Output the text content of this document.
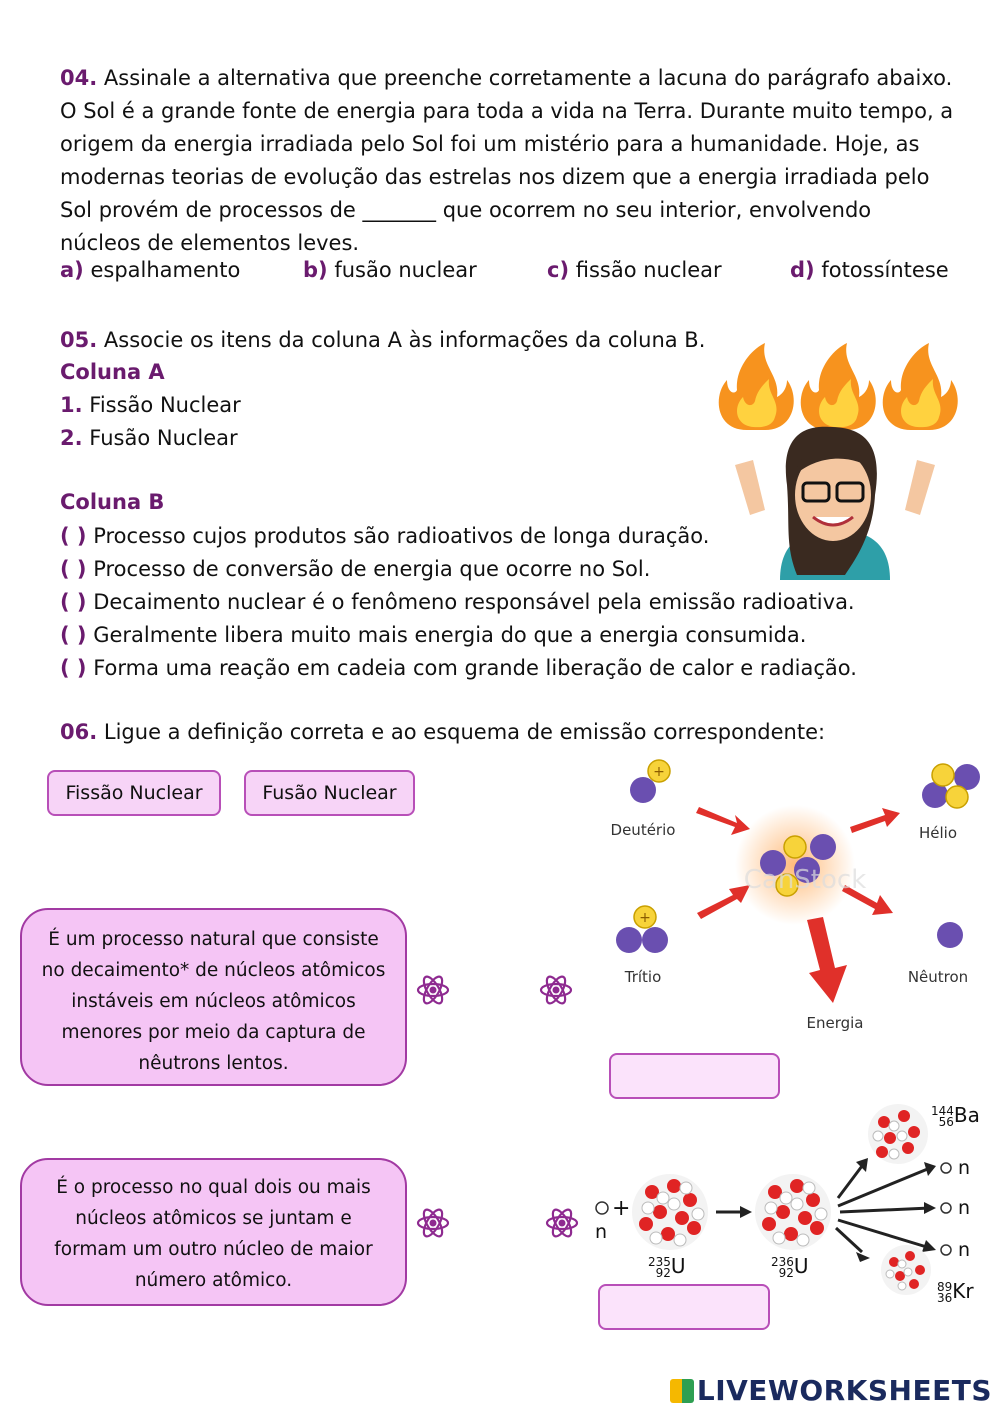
04. Assinale a alternativa que preenche corretamente a lacuna do parágrafo abaixo.
O Sol é a grande fonte de energia para toda a vida na Terra. Durante muito tempo, a
origem da energia irradiada pelo Sol foi um mistério para a humanidade. Hoje, as
modernas teorias de evolução das estrelas nos dizem que a energia irradiada pelo
Sol provém de processos de _______ que ocorrem no seu interior, envolvendo
núcleos de elementos leves.
a) espalhamento	b) fusão nuclear	c) fissão nuclear	d) fotossíntese
05. Associe os itens da coluna A às informações da coluna B.
Coluna A
1. Fissão Nuclear
2. Fusão Nuclear
Coluna B
( ) Processo cujos produtos são radioativos de longa duração.
( ) Processo de conversão de energia que ocorre no Sol.
( ) Decaimento nuclear é o fenômeno responsável pela emissão radioativa.
( ) Geralmente libera muito mais energia do que a energia consumida.
( ) Forma uma reação em cadeia com grande liberação de calor e radiação.
06. Ligue a definição correta e ao esquema de emissão correspondente:
Fissão Nuclear	Fusão Nuclear
É um processo natural que consiste no decaimento* de núcleos atômicos instáveis em núcleos atômicos menores por meio da captura de nêutrons lentos.
É o processo no qual dois ou mais núcleos atômicos se juntam e formam um outro núcleo de maior número atômico.
+
+
Deutério
Trítio
Hélio
Nêutron
Energia
CanStock
+
n
n
n
n
235
92 U	236
92 U
144
56 Ba
89
36 Kr
LIVEWORKSHEETS
